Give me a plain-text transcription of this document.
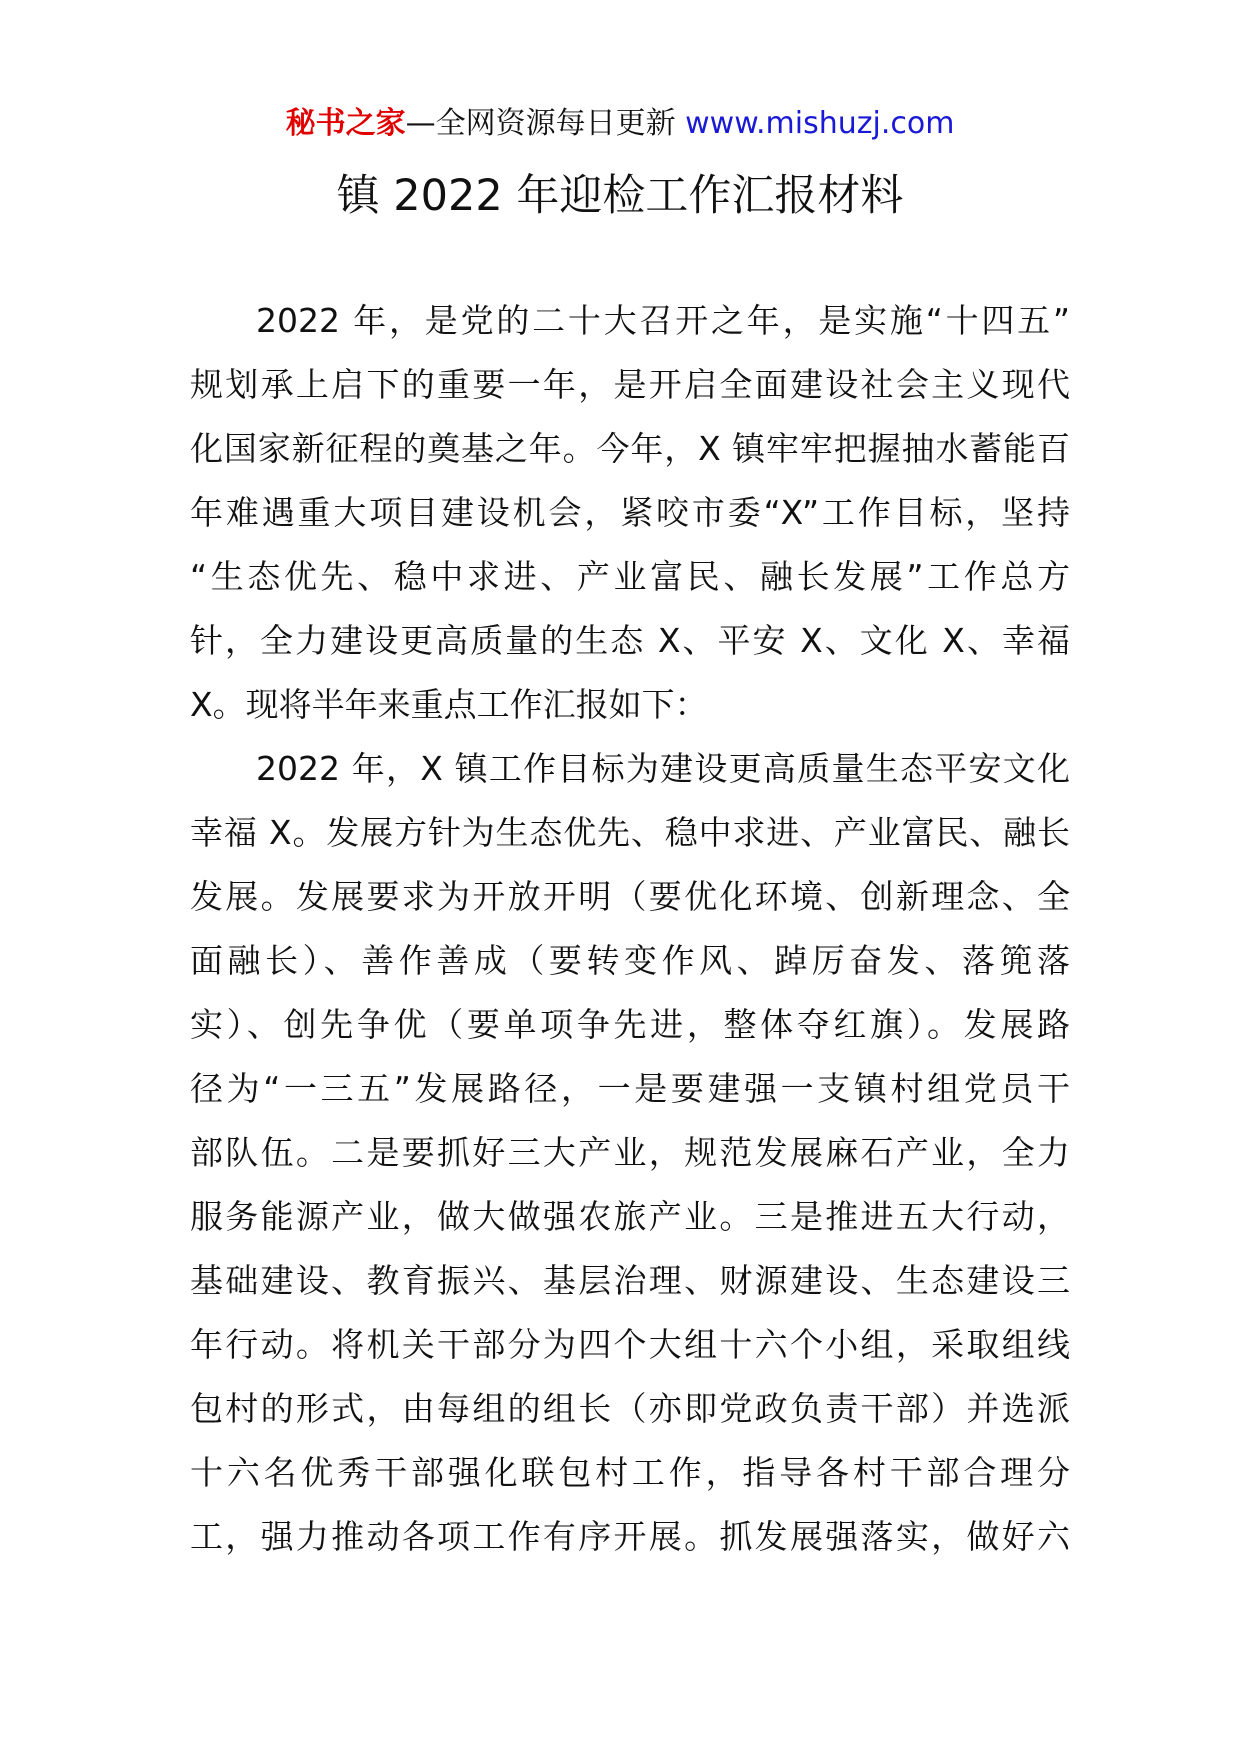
秘书之家—全网资源每日更新 www.mishuzj.com
镇 2022 年迎检工作汇报材料
2022 年，是党的二十大召开之年，是实施“十四五”
规划承上启下的重要一年，是开启全面建设社会主义现代
化国家新征程的奠基之年。今年，X 镇牢牢把握抽水蓄能百
年难遇重大项目建设机会，紧咬市委“X”工作目标，坚持
“生态优先、稳中求进、产业富民、融长发展”工作总方
针，全力建设更高质量的生态 X、平安 X、文化 X、幸福
X。现将半年来重点工作汇报如下：
2022 年，X 镇工作目标为建设更高质量生态平安文化
幸福 X。发展方针为生态优先、稳中求进、产业富民、融长
发展。发展要求为开放开明（要优化环境、创新理念、全
面融长）、善作善成（要转变作风、踔厉奋发、落篼落
实）、创先争优（要单项争先进，整体夺红旗）。发展路
径为“一三五”发展路径，一是要建强一支镇村组党员干
部队伍。二是要抓好三大产业，规范发展麻石产业，全力
服务能源产业，做大做强农旅产业。三是推进五大行动，
基础建设、教育振兴、基层治理、财源建设、生态建设三
年行动。将机关干部分为四个大组十六个小组，采取组线
包村的形式，由每组的组长（亦即党政负责干部）并选派
十六名优秀干部强化联包村工作，指导各村干部合理分
工，强力推动各项工作有序开展。抓发展强落实，做好六
